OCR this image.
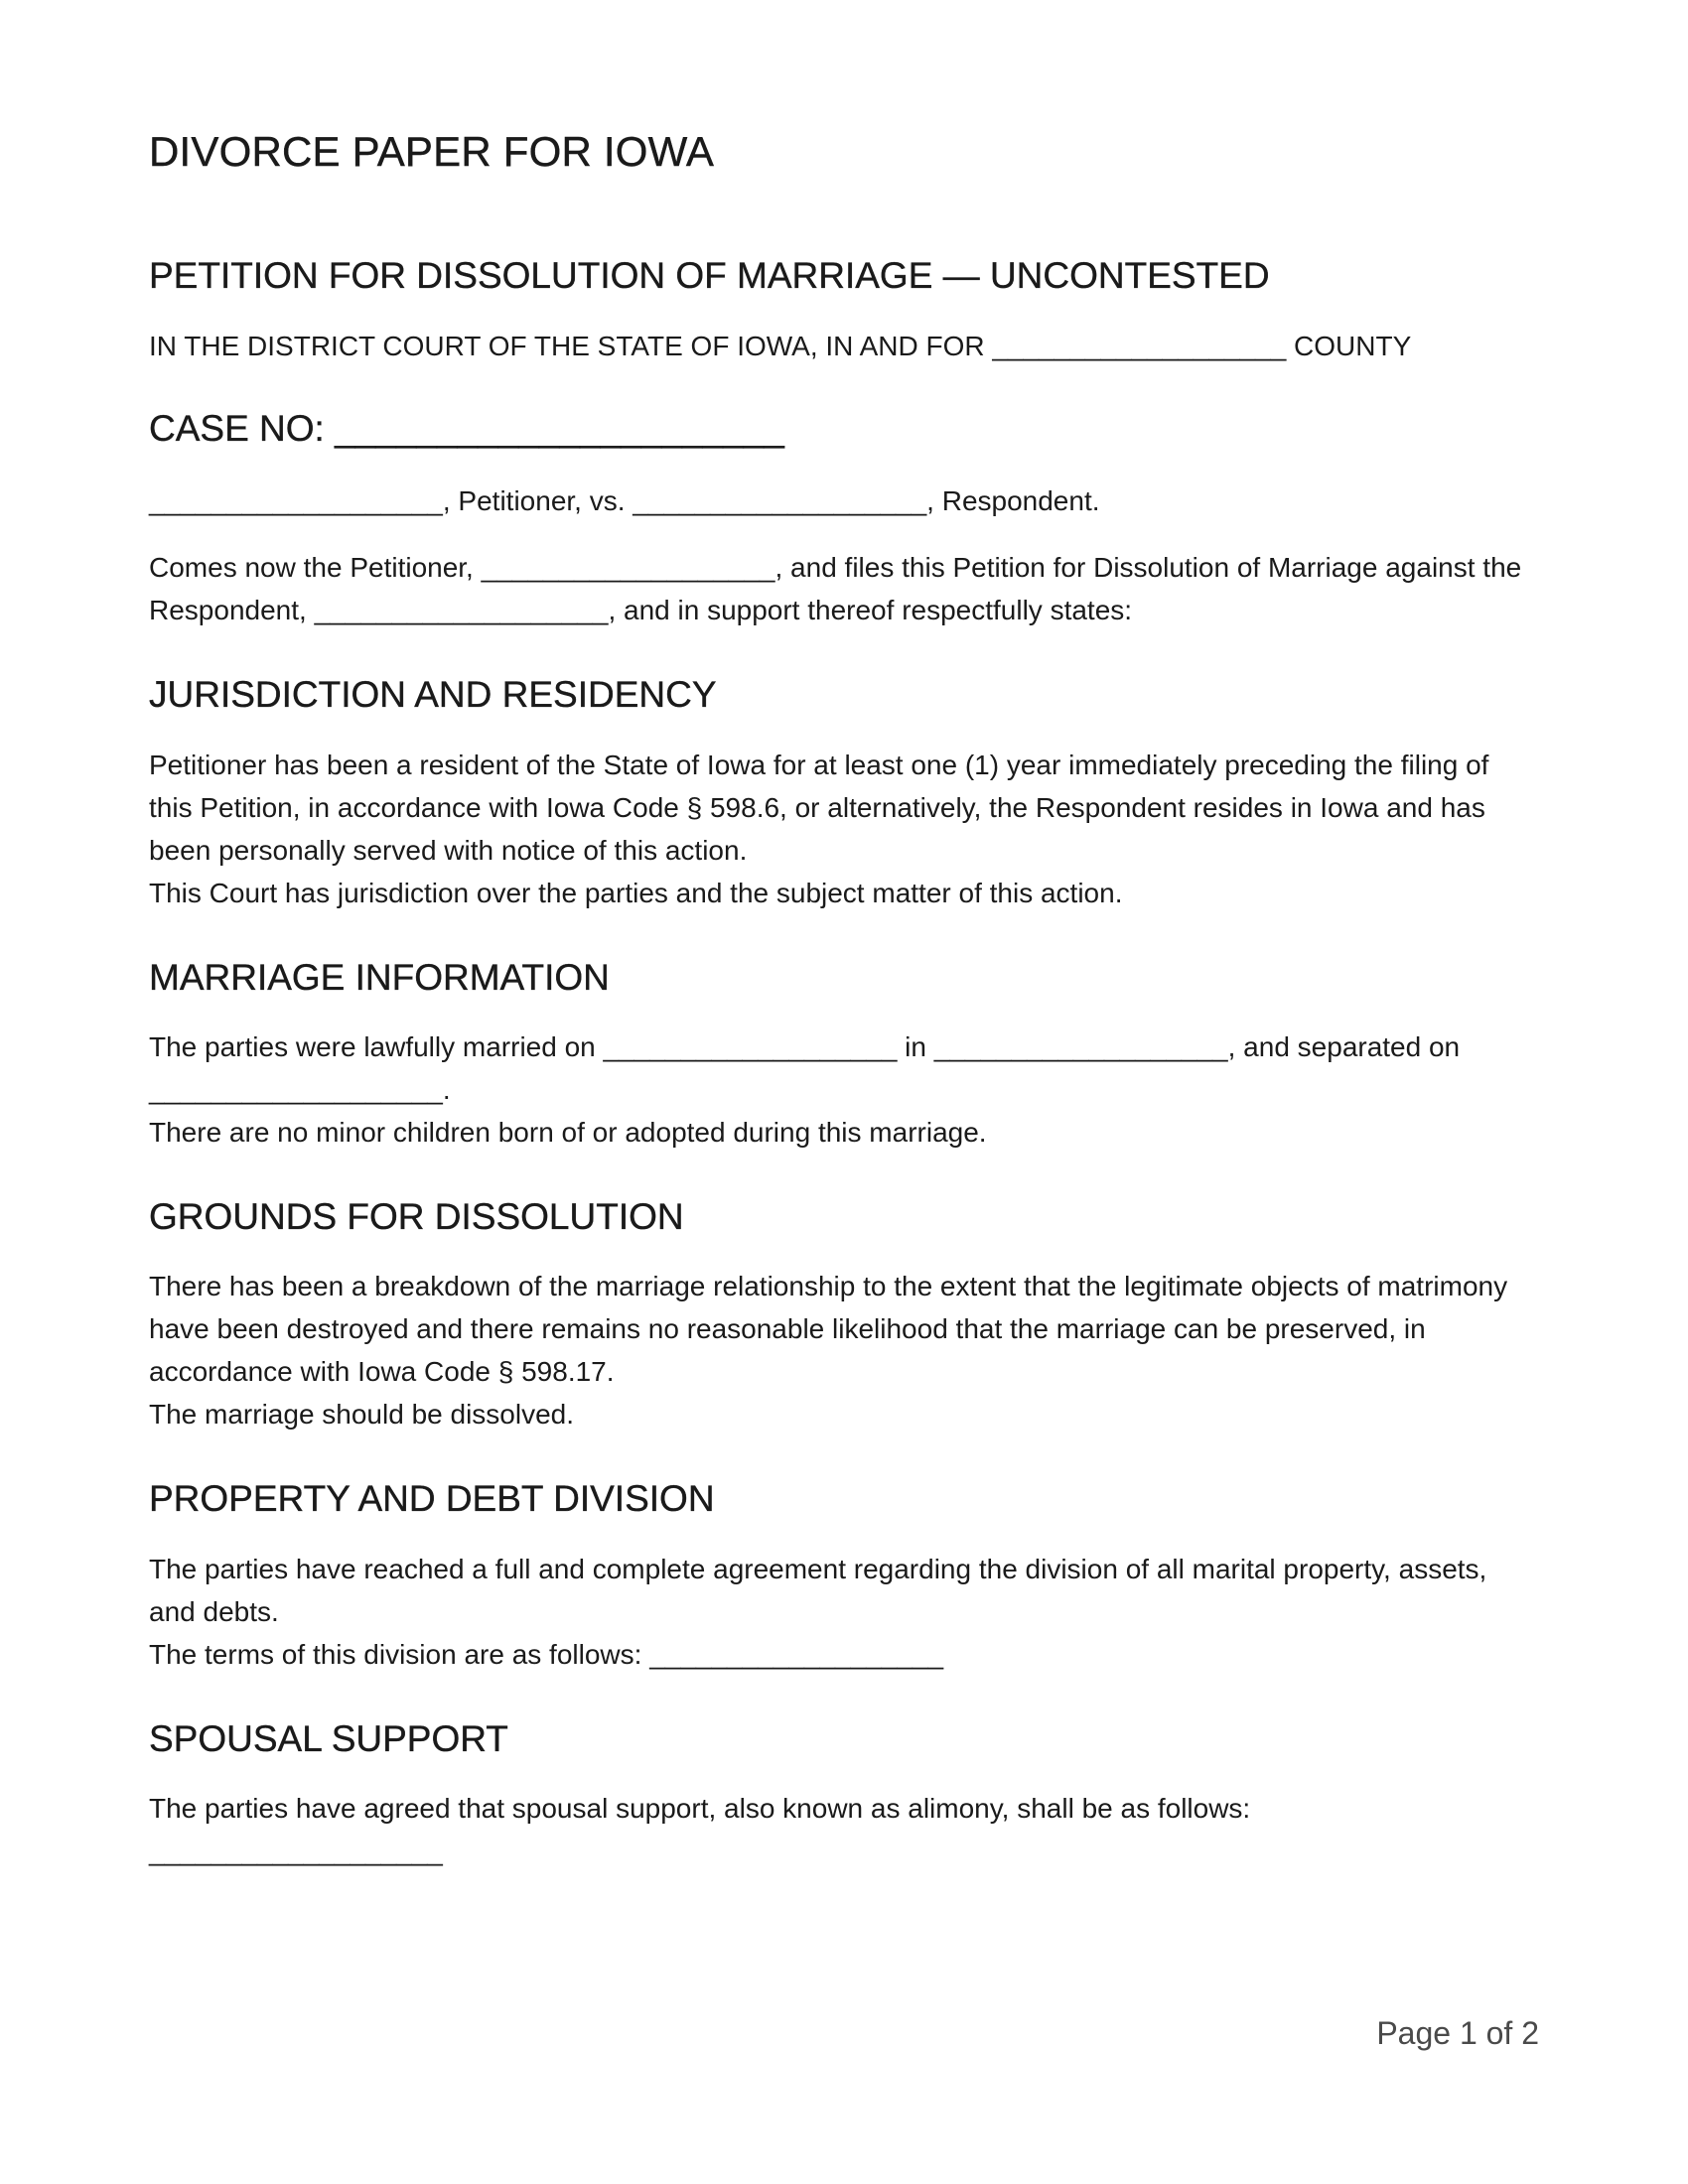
DIVORCE PAPER FOR IOWA
PETITION FOR DISSOLUTION OF MARRIAGE — UNCONTESTED

IN THE DISTRICT COURT OF THE STATE OF IOWA, IN AND FOR ___________________ COUNTY

CASE NO: ______________________

___________________, Petitioner, vs. ___________________, Respondent.

Comes now the Petitioner, ___________________, and files this Petition for Dissolution of Marriage against the Respondent, ___________________, and in support thereof respectfully states:

JURISDICTION AND RESIDENCY

Petitioner has been a resident of the State of Iowa for at least one (1) year immediately preceding the filing of this Petition, in accordance with Iowa Code § 598.6, or alternatively, the Respondent resides in Iowa and has been personally served with notice of this action.

This Court has jurisdiction over the parties and the subject matter of this action.

MARRIAGE INFORMATION

The parties were lawfully married on ___________________ in ___________________, and separated on ___________________.

There are no minor children born of or adopted during this marriage.

GROUNDS FOR DISSOLUTION

There has been a breakdown of the marriage relationship to the extent that the legitimate objects of matrimony have been destroyed and there remains no reasonable likelihood that the marriage can be preserved, in accordance with Iowa Code § 598.17.

The marriage should be dissolved.

PROPERTY AND DEBT DIVISION

The parties have reached a full and complete agreement regarding the division of all marital property, assets, and debts.

The terms of this division are as follows: ___________________

SPOUSAL SUPPORT

The parties have agreed that spousal support, also known as alimony, shall be as follows: ___________________

Page 1 of 2
